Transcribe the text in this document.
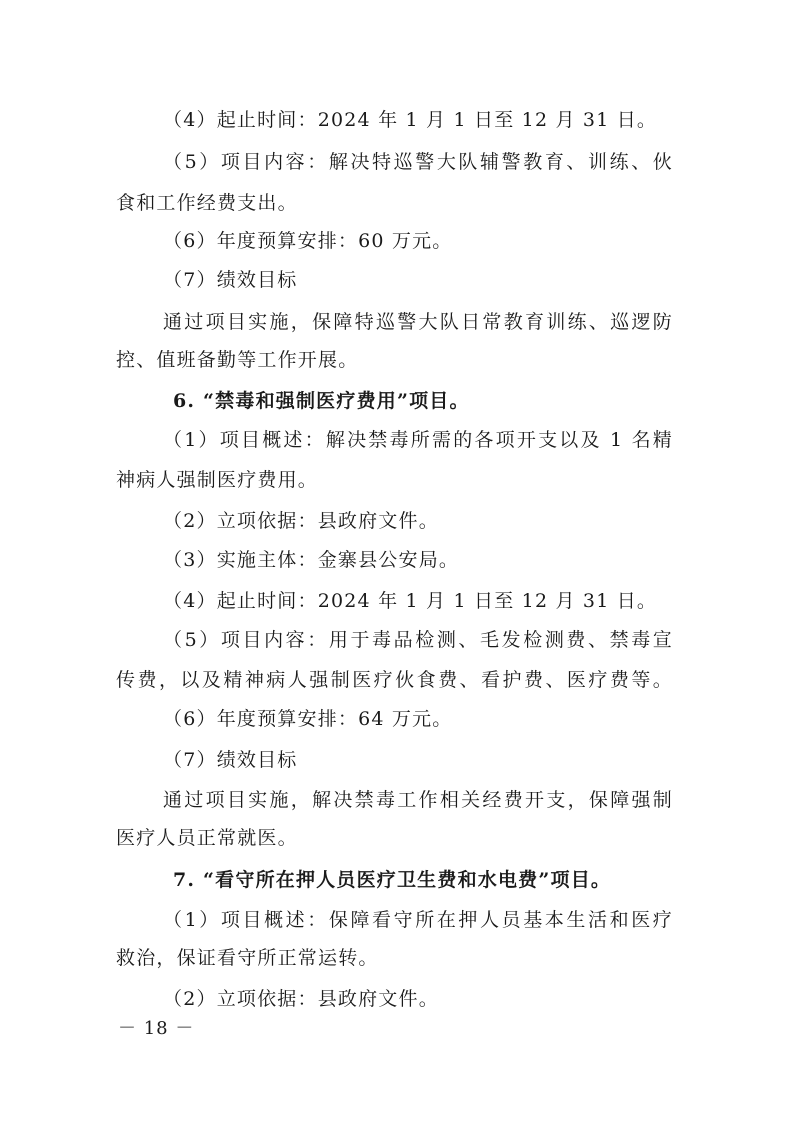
（4）起止时间：2024 年 1 月 1 日至 12 月 31 日。
（5）项目内容：解决特巡警大队辅警教育、训练、伙
食和工作经费支出。
（6）年度预算安排：60 万元。
（7）绩效目标
通过项目实施，保障特巡警大队日常教育训练、巡逻防
控、值班备勤等工作开展。
6. “禁毒和强制医疗费用”项目。
（1）项目概述：解决禁毒所需的各项开支以及 1 名精
神病人强制医疗费用。
（2）立项依据：县政府文件。
（3）实施主体：金寨县公安局。
（4）起止时间：2024 年 1 月 1 日至 12 月 31 日。
（5）项目内容：用于毒品检测、毛发检测费、禁毒宣
传费，以及精神病人强制医疗伙食费、看护费、医疗费等。
（6）年度预算安排：64 万元。
（7）绩效目标
通过项目实施，解决禁毒工作相关经费开支，保障强制
医疗人员正常就医。
7. “看守所在押人员医疗卫生费和水电费”项目。
（1）项目概述：保障看守所在押人员基本生活和医疗
救治，保证看守所正常运转。
（2）立项依据：县政府文件。
－ 18 －
